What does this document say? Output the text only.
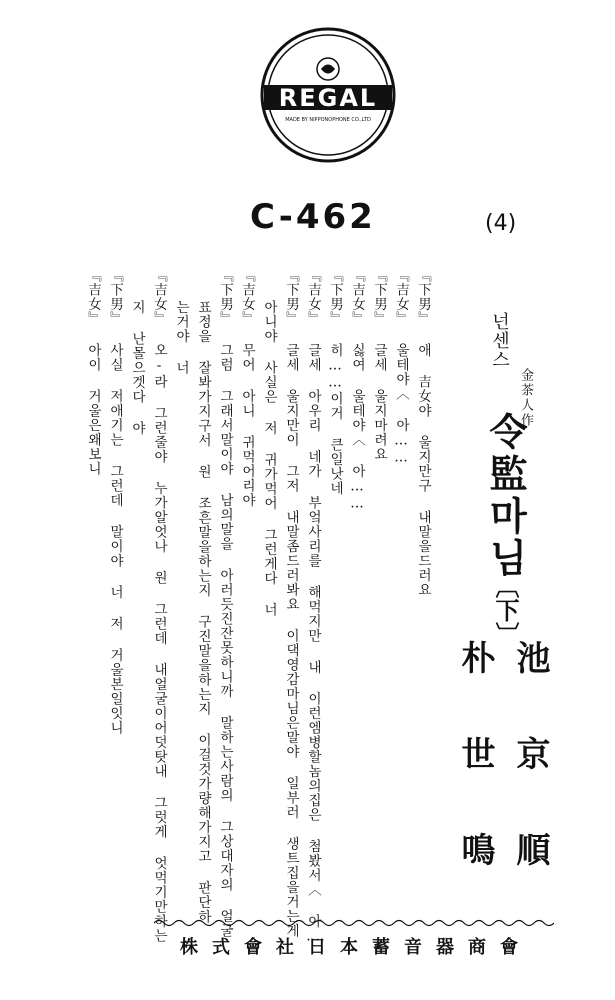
REGAL
MADE BY NIPPONOPHONE CO.,LTD
C-462	(4)
金茶人作
넌센스
令監마님
〔下〕
池京順
朴世鳴
『下男』 애 吉女야 울지만구 내말을드러요
『吉女』 울테야〈 아……
『下男』 글세 울지마려요
『吉女』 싫여 울테야〈 아……
『下男』 히……이거 큰일낫네
『吉女』 글세 아우리 네가 부엌사리를 해먹지만 내 이런엠병할놈의집은 첨봤서〈 아…
『下男』 글세 울지만이 그저 내말좀드러봐요 이댁영감마님은말야 일부러 생트집을거는게
아니야 사실은 저 귀가먹어 그런게다 너
『吉女』 무어 아니 귀먹어리야
『下男』 그럼 그래서말이야 남의말을 아러듯진잔못하니까 말하는사람의 그상대자의 얼굴
표정을 잘봐가지구서 원 조흔말을하는지 구진말을하는지 이걸것가량해가지고 판단하
는거야 너
『吉女』 오-라 그런줄야 누가알엇나 원 그런데 내얼굴이어덧탓내 그럿게 엇먹기만하는
지 난몰으겟다 야
『下男』 사실 저애기는 그런데 말이야 너 저 거울본일잇니
『吉女』 아이 거울은왜보니
株式會社日本蓄音器商會
